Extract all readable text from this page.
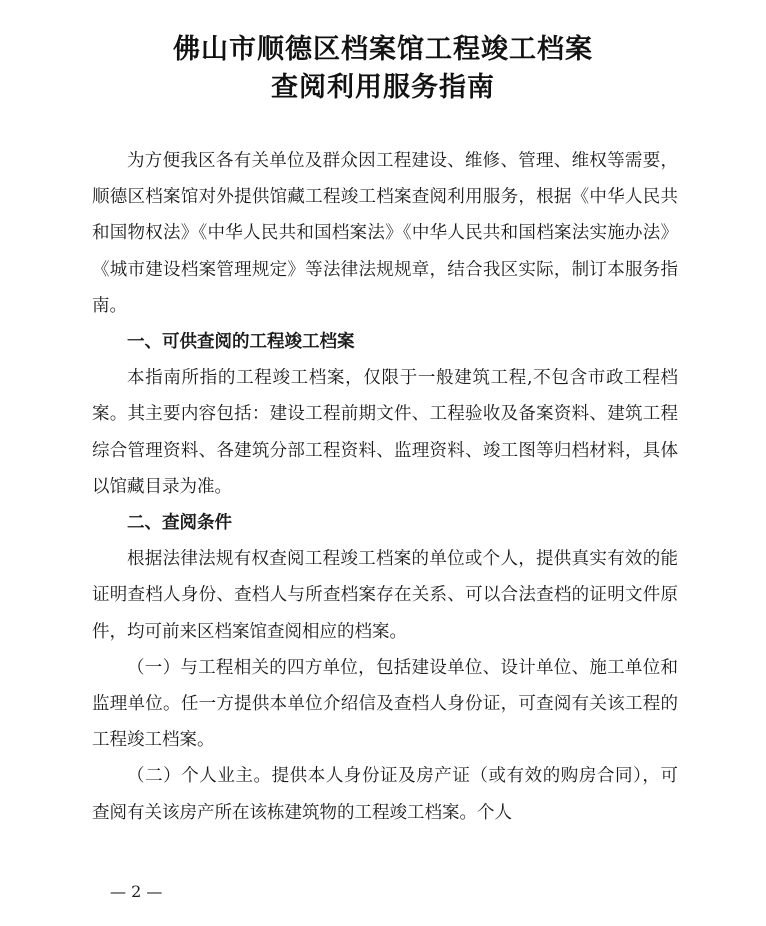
佛山市顺德区档案馆工程竣工档案
查阅利用服务指南

为方便我区各有关单位及群众因工程建设、维修、管理、维权等需要，顺德区档案馆对外提供馆藏工程竣工档案查阅利用服务，根据《中华人民共和国物权法》《中华人民共和国档案法》《中华人民共和国档案法实施办法》《城市建设档案管理规定》等法律法规规章，结合我区实际，制订本服务指南。

一、可供查阅的工程竣工档案

本指南所指的工程竣工档案，仅限于一般建筑工程,不包含市政工程档案。其主要内容包括：建设工程前期文件、工程验收及备案资料、建筑工程综合管理资料、各建筑分部工程资料、监理资料、竣工图等归档材料，具体以馆藏目录为准。

二、查阅条件

根据法律法规有权查阅工程竣工档案的单位或个人，提供真实有效的能证明查档人身份、查档人与所查档案存在关系、可以合法查档的证明文件原件，均可前来区档案馆查阅相应的档案。

（一）与工程相关的四方单位，包括建设单位、设计单位、施工单位和监理单位。任一方提供本单位介绍信及查档人身份证，可查阅有关该工程的工程竣工档案。

（二）个人业主。提供本人身份证及房产证（或有效的购房合同），可查阅有关该房产所在该栋建筑物的工程竣工档案。个人

— 2 —
